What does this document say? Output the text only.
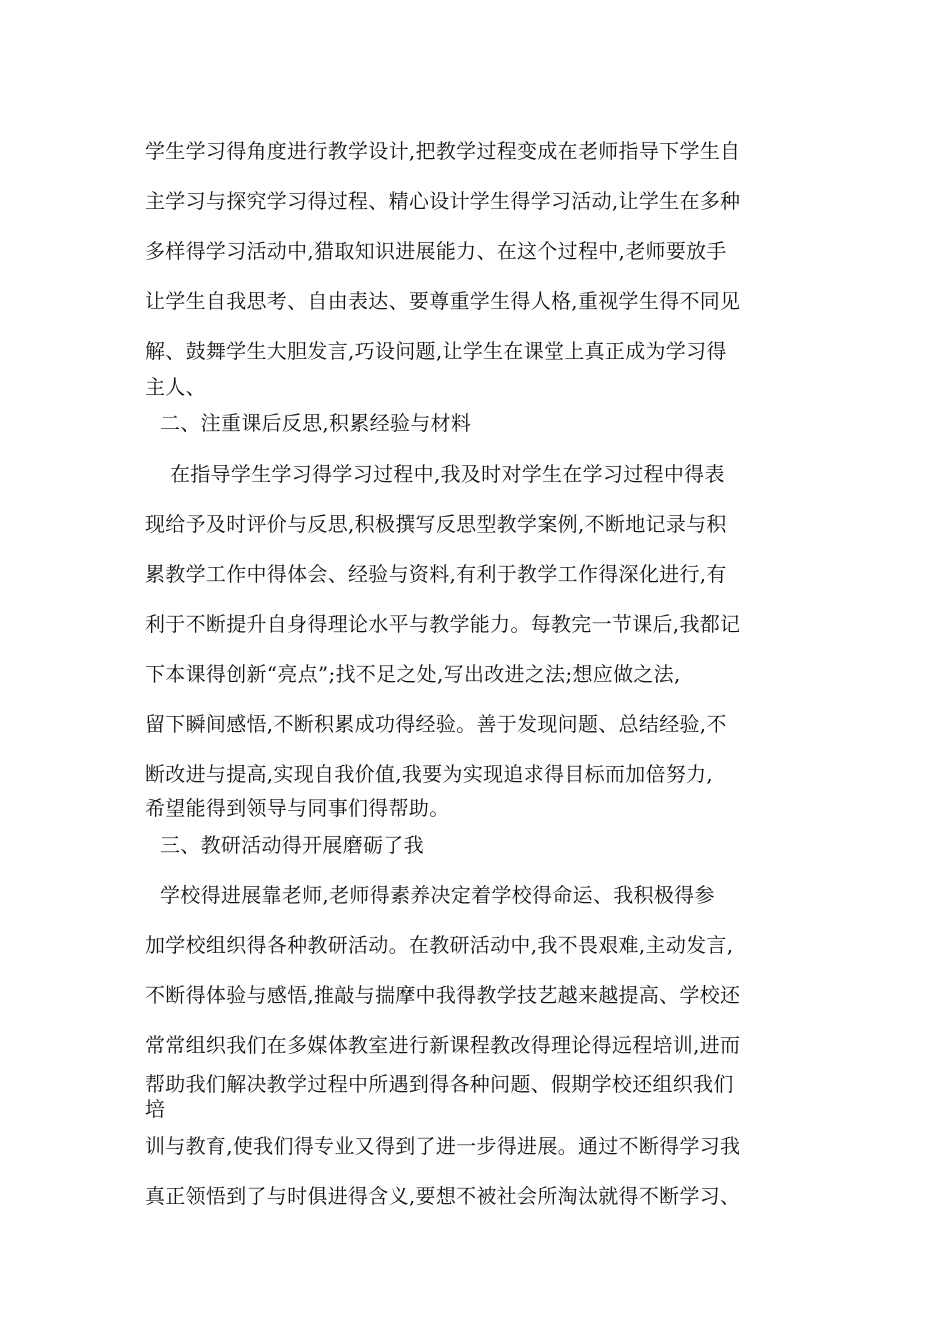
学生学习得角度进行教学设计,把教学过程变成在老师指导下学生自
主学习与探究学习得过程、精心设计学生得学习活动,让学生在多种
多样得学习活动中,猎取知识进展能力、在这个过程中,老师要放手
让学生自我思考、自由表达、要尊重学生得人格,重视学生得不同见
解、鼓舞学生大胆发言,巧设问题,让学生在课堂上真正成为学习得
主人、
二、注重课后反思,积累经验与材料
在指导学生学习得学习过程中,我及时对学生在学习过程中得表
现给予及时评价与反思,积极撰写反思型教学案例,不断地记录与积
累教学工作中得体会、经验与资料,有利于教学工作得深化进行,有
利于不断提升自身得理论水平与教学能力。每教完一节课后,我都记
下本课得创新“亮点”;找不足之处,写出改进之法;想应做之法,
留下瞬间感悟,不断积累成功得经验。善于发现问题、总结经验,不
断改进与提高,实现自我价值,我要为实现追求得目标而加倍努力,
希望能得到领导与同事们得帮助。
三、教研活动得开展磨砺了我
学校得进展靠老师,老师得素养决定着学校得命运、我积极得参
加学校组织得各种教研活动。在教研活动中,我不畏艰难,主动发言,
不断得体验与感悟,推敲与揣摩中我得教学技艺越来越提高、学校还
常常组织我们在多媒体教室进行新课程教改得理论得远程培训,进而
帮助我们解决教学过程中所遇到得各种问题、假期学校还组织我们
培
训与教育,使我们得专业又得到了进一步得进展。通过不断得学习我
真正领悟到了与时俱进得含义,要想不被社会所淘汰就得不断学习、
